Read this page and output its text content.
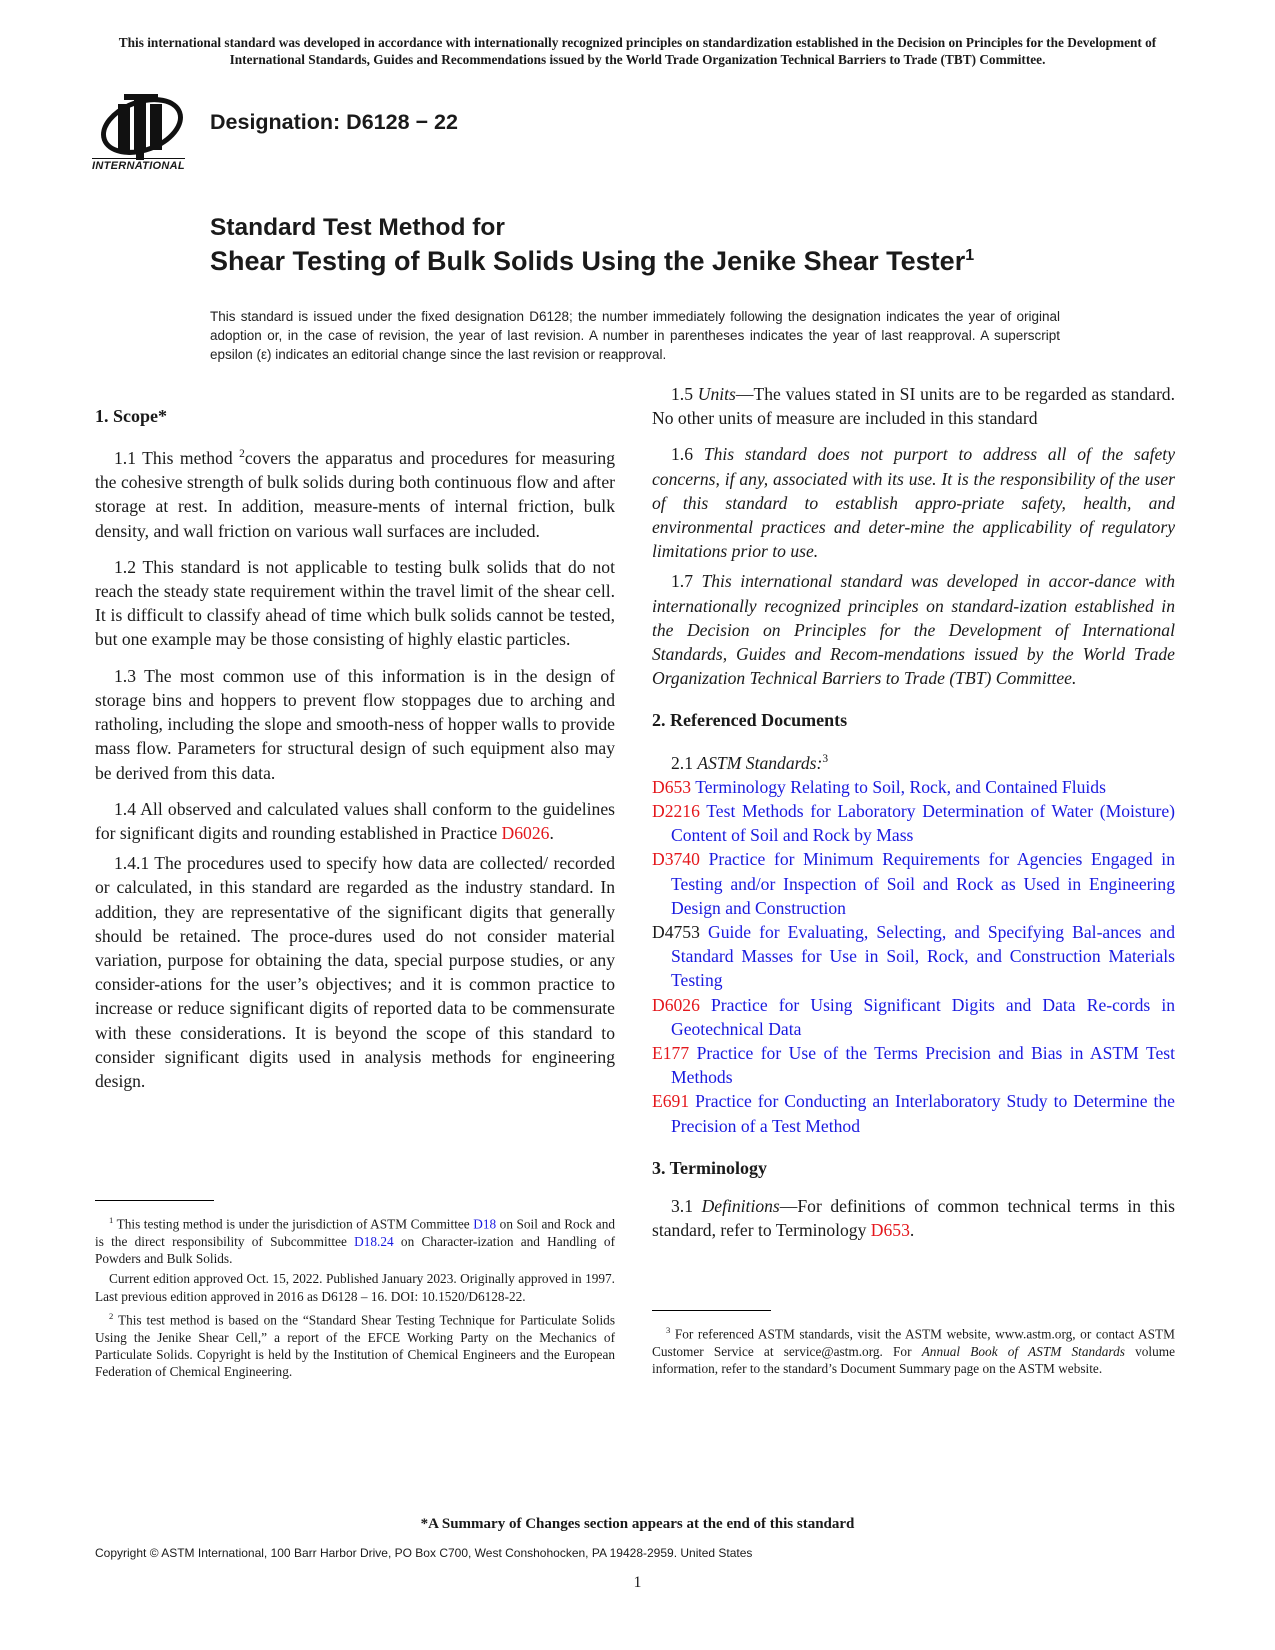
This international standard was developed in accordance with internationally recognized principles on standardization established in the Decision on Principles for the Development of International Standards, Guides and Recommendations issued by the World Trade Organization Technical Barriers to Trade (TBT) Committee.
INTERNATIONAL
Designation: D6128 − 22
Standard Test Method for
Shear Testing of Bulk Solids Using the Jenike Shear Tester$^1$
This standard is issued under the fixed designation D6128; the number immediately following the designation indicates the year of original adoption or, in the case of revision, the year of last revision. A number in parentheses indicates the year of last reapproval. A superscript epsilon (ε) indicates an editorial change since the last revision or reapproval.
1. Scope*

1.1 This method $^2$covers the apparatus and procedures for measuring the cohesive strength of bulk solids during both continuous flow and after storage at rest. In addition, measure-ments of internal friction, bulk density, and wall friction on various wall surfaces are included.

1.2 This standard is not applicable to testing bulk solids that do not reach the steady state requirement within the travel limit of the shear cell. It is difficult to classify ahead of time which bulk solids cannot be tested, but one example may be those consisting of highly elastic particles.

1.3 The most common use of this information is in the design of storage bins and hoppers to prevent flow stoppages due to arching and ratholing, including the slope and smooth-ness of hopper walls to provide mass flow. Parameters for structural design of such equipment also may be derived from this data.

1.4 All observed and calculated values shall conform to the guidelines for significant digits and rounding established in Practice D6026.

1.4.1 The procedures used to specify how data are collected/ recorded or calculated, in this standard are regarded as the industry standard. In addition, they are representative of the significant digits that generally should be retained. The proce-dures used do not consider material variation, purpose for obtaining the data, special purpose studies, or any consider-ations for the user’s objectives; and it is common practice to increase or reduce significant digits of reported data to be commensurate with these considerations. It is beyond the scope of this standard to consider significant digits used in analysis methods for engineering design.

$^1$ This testing method is under the jurisdiction of ASTM Committee D18 on Soil and Rock and is the direct responsibility of Subcommittee D18.24 on Character-ization and Handling of Powders and Bulk Solids.

Current edition approved Oct. 15, 2022. Published January 2023. Originally approved in 1997. Last previous edition approved in 2016 as D6128 – 16. DOI: 10.1520/D6128-22.

$^2$ This test method is based on the “Standard Shear Testing Technique for Particulate Solids Using the Jenike Shear Cell,” a report of the EFCE Working Party on the Mechanics of Particulate Solids. Copyright is held by the Institution of Chemical Engineers and the European Federation of Chemical Engineering.

1.5 Units—The values stated in SI units are to be regarded as standard. No other units of measure are included in this standard

1.6 This standard does not purport to address all of the safety concerns, if any, associated with its use. It is the responsibility of the user of this standard to establish appro-priate safety, health, and environmental practices and deter-mine the applicability of regulatory limitations prior to use.

1.7 This international standard was developed in accor-dance with internationally recognized principles on standard-ization established in the Decision on Principles for the Development of International Standards, Guides and Recom-mendations issued by the World Trade Organization Technical Barriers to Trade (TBT) Committee.

2. Referenced Documents

2.1 ASTM Standards:$^3$

D653 Terminology Relating to Soil, Rock, and Contained Fluids
D2216 Test Methods for Laboratory Determination of Water (Moisture) Content of Soil and Rock by Mass
D3740 Practice for Minimum Requirements for Agencies Engaged in Testing and/or Inspection of Soil and Rock as Used in Engineering Design and Construction
D4753 Guide for Evaluating, Selecting, and Specifying Bal-ances and Standard Masses for Use in Soil, Rock, and Construction Materials Testing
D6026 Practice for Using Significant Digits and Data Re-cords in Geotechnical Data
E177 Practice for Use of the Terms Precision and Bias in ASTM Test Methods
E691 Practice for Conducting an Interlaboratory Study to Determine the Precision of a Test Method
3. Terminology

3.1 Definitions—For definitions of common technical terms in this standard, refer to Terminology D653.

$^3$ For referenced ASTM standards, visit the ASTM website, www.astm.org, or contact ASTM Customer Service at service@astm.org. For Annual Book of ASTM Standards volume information, refer to the standard’s Document Summary page on the ASTM website.

*A Summary of Changes section appears at the end of this standard
Copyright © ASTM International, 100 Barr Harbor Drive, PO Box C700, West Conshohocken, PA 19428-2959. United States
1
